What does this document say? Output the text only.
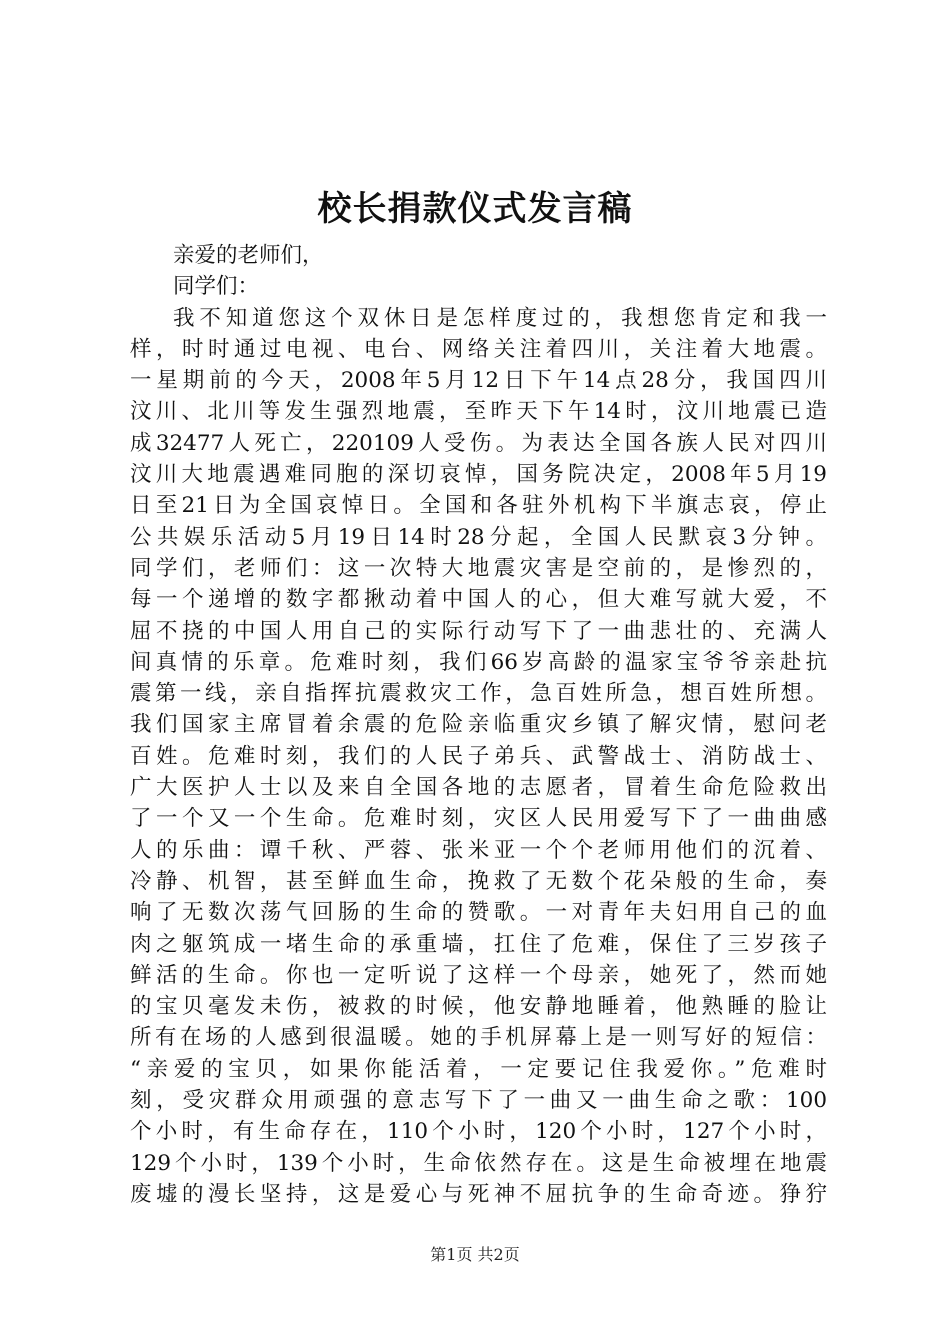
校长捐款仪式发言稿
亲爱的老师们，
同学们：
我不知道您这个双休日是怎样度过的，我想您肯定和我一
样，时时通过电视、电台、网络关注着四川，关注着大地震。
一星期前的今天，2008年5月12日下午14点28分，我国四川
汶川、北川等发生强烈地震，至昨天下午14时，汶川地震已造
成32477人死亡，220109人受伤。为表达全国各族人民对四川
汶川大地震遇难同胞的深切哀悼，国务院决定，2008年5月19
日至21日为全国哀悼日。全国和各驻外机构下半旗志哀，停止
公共娱乐活动5月19日14时28分起，全国人民默哀3分钟。
同学们，老师们：这一次特大地震灾害是空前的，是惨烈的，
每一个递增的数字都揪动着中国人的心，但大难写就大爱，不
屈不挠的中国人用自己的实际行动写下了一曲悲壮的、充满人
间真情的乐章。危难时刻，我们66岁高龄的温家宝爷爷亲赴抗
震第一线，亲自指挥抗震救灾工作，急百姓所急，想百姓所想。
我们国家主席冒着余震的危险亲临重灾乡镇了解灾情，慰问老
百姓。危难时刻，我们的人民子弟兵、武警战士、消防战士、
广大医护人士以及来自全国各地的志愿者，冒着生命危险救出
了一个又一个生命。危难时刻，灾区人民用爱写下了一曲曲感
人的乐曲：谭千秋、严蓉、张米亚一个个老师用他们的沉着、
冷静、机智，甚至鲜血生命，挽救了无数个花朵般的生命，奏
响了无数次荡气回肠的生命的赞歌。一对青年夫妇用自己的血
肉之躯筑成一堵生命的承重墙，扛住了危难，保住了三岁孩子
鲜活的生命。你也一定听说了这样一个母亲，她死了，然而她
的宝贝毫发未伤，被救的时候，他安静地睡着，他熟睡的脸让
所有在场的人感到很温暖。她的手机屏幕上是一则写好的短信：
“亲爱的宝贝，如果你能活着，一定要记住我爱你。”危难时
刻，受灾群众用顽强的意志写下了一曲又一曲生命之歌：100
个小时，有生命存在，110个小时，120个小时，127个小时，
129个小时，139个小时，生命依然存在。这是生命被埋在地震
废墟的漫长坚持，这是爱心与死神不屈抗争的生命奇迹。狰狞
第1页 共2页
